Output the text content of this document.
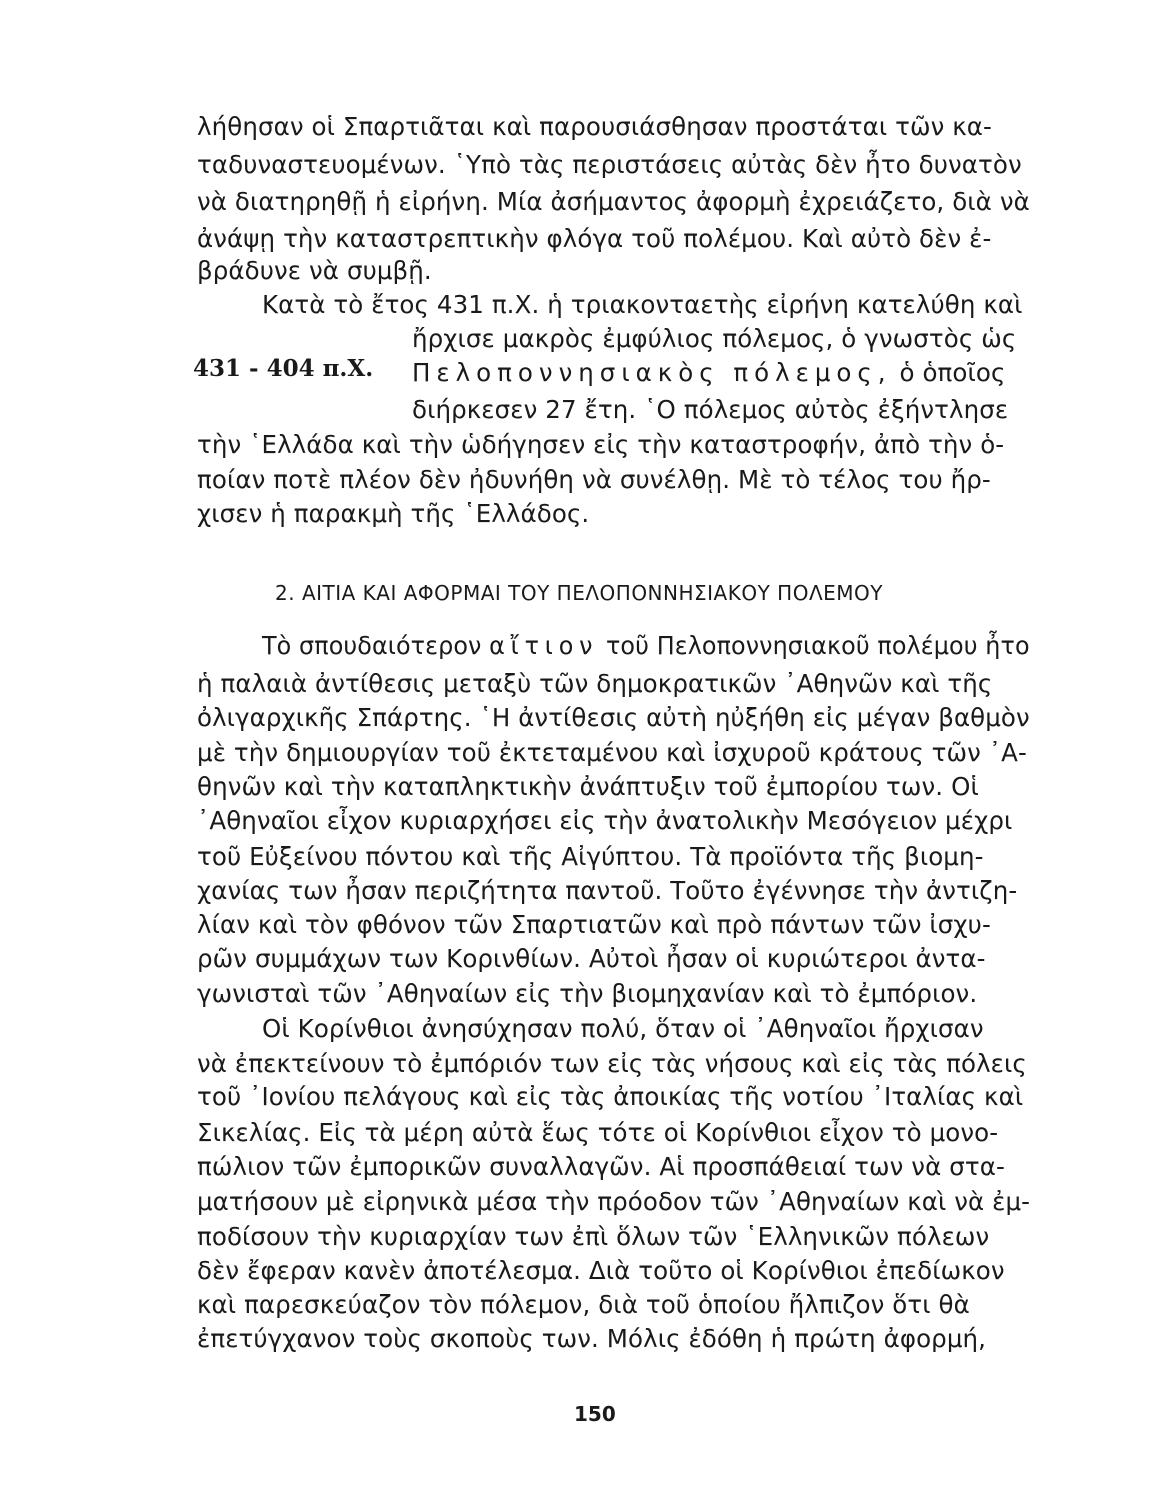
λήθησαν οἱ Σπαρτιᾶται καὶ παρουσιάσθησαν προστάται τῶν κα-
ταδυναστευομένων. ῾Υπὸ τὰς περιστάσεις αὐτὰς δὲν ἦτο δυνατὸν
νὰ διατηρηθῇ ἡ εἰρήνη. Μία ἀσήμαντος ἀφορμὴ ἐχρειάζετο, διὰ νὰ
ἀνάψῃ τὴν καταστρεπτικὴν φλόγα τοῦ πολέμου. Καὶ αὐτὸ δὲν ἐ-
βράδυνε νὰ συμβῇ.
Κατὰ τὸ ἔτος 431 π.Χ. ἡ τριακονταετὴς εἰρήνη κατελύθη καὶ
ἤρχισε μακρὸς ἐμφύλιος πόλεμος, ὁ γνωστὸς ὡς
431 - 404 π.Χ. Πελοποννησιακὸς πόλεμος, ὁ ὁποῖος
διήρκεσεν 27 ἔτη. ῾Ο πόλεμος αὐτὸς ἐξήντλησε
τὴν ῾Ελλάδα καὶ τὴν ὡδήγησεν εἰς τὴν καταστροφήν, ἀπὸ τὴν ὁ-
ποίαν ποτὲ πλέον δὲν ἠδυνήθη νὰ συνέλθῃ. Μὲ τὸ τέλος του ἤρ-
χισεν ἡ παρακμὴ τῆς ῾Ελλάδος.
2. ΑΙΤΙΑ ΚΑΙ ΑΦΟΡΜΑΙ ΤΟΥ ΠΕΛΟΠΟΝΝΗΣΙΑΚΟΥ ΠΟΛΕΜΟΥ
Τὸ σπουδαιότερον αἴτιον τοῦ Πελοποννησιακοῦ πολέμου ἦτο
ἡ παλαιὰ ἀντίθεσις μεταξὺ τῶν δημοκρατικῶν ᾿Αθηνῶν καὶ τῆς
ὀλιγαρχικῆς Σπάρτης. ῾Η ἀντίθεσις αὐτὴ ηὐξήθη εἰς μέγαν βαθμὸν
μὲ τὴν δημιουργίαν τοῦ ἐκτεταμένου καὶ ἰσχυροῦ κράτους τῶν ᾿Α-
θηνῶν καὶ τὴν καταπληκτικὴν ἀνάπτυξιν τοῦ ἐμπορίου των. Οἱ
᾿Αθηναῖοι εἶχον κυριαρχήσει εἰς τὴν ἀνατολικὴν Μεσόγειον μέχρι
τοῦ Εὐξείνου πόντου καὶ τῆς Αἰγύπτου. Τὰ προϊόντα τῆς βιομη-
χανίας των ἦσαν περιζήτητα παντοῦ. Τοῦτο ἐγέννησε τὴν ἀντιζη-
λίαν καὶ τὸν φθόνον τῶν Σπαρτιατῶν καὶ πρὸ πάντων τῶν ἰσχυ-
ρῶν συμμάχων των Κορινθίων. Αὐτοὶ ἦσαν οἱ κυριώτεροι ἀντα-
γωνισταὶ τῶν ᾿Αθηναίων εἰς τὴν βιομηχανίαν καὶ τὸ ἐμπόριον.
Οἱ Κορίνθιοι ἀνησύχησαν πολύ, ὅταν οἱ ᾿Αθηναῖοι ἤρχισαν
νὰ ἐπεκτείνουν τὸ ἐμπόριόν των εἰς τὰς νήσους καὶ εἰς τὰς πόλεις
τοῦ ᾿Ιονίου πελάγους καὶ εἰς τὰς ἀποικίας τῆς νοτίου ᾿Ιταλίας καὶ
Σικελίας. Εἰς τὰ μέρη αὐτὰ ἕως τότε οἱ Κορίνθιοι εἶχον τὸ μονο-
πώλιον τῶν ἐμπορικῶν συναλλαγῶν. Αἱ προσπάθειαί των νὰ στα-
ματήσουν μὲ εἰρηνικὰ μέσα τὴν πρόοδον τῶν ᾿Αθηναίων καὶ νὰ ἐμ-
ποδίσουν τὴν κυριαρχίαν των ἐπὶ ὅλων τῶν ῾Ελληνικῶν πόλεων
δὲν ἔφεραν κανὲν ἀποτέλεσμα. Διὰ τοῦτο οἱ Κορίνθιοι ἐπεδίωκον
καὶ παρεσκεύαζον τὸν πόλεμον, διὰ τοῦ ὁποίου ἤλπιζον ὅτι θὰ
ἐπετύγχανον τοὺς σκοποὺς των. Μόλις ἐδόθη ἡ πρώτη ἀφορμή,
150
